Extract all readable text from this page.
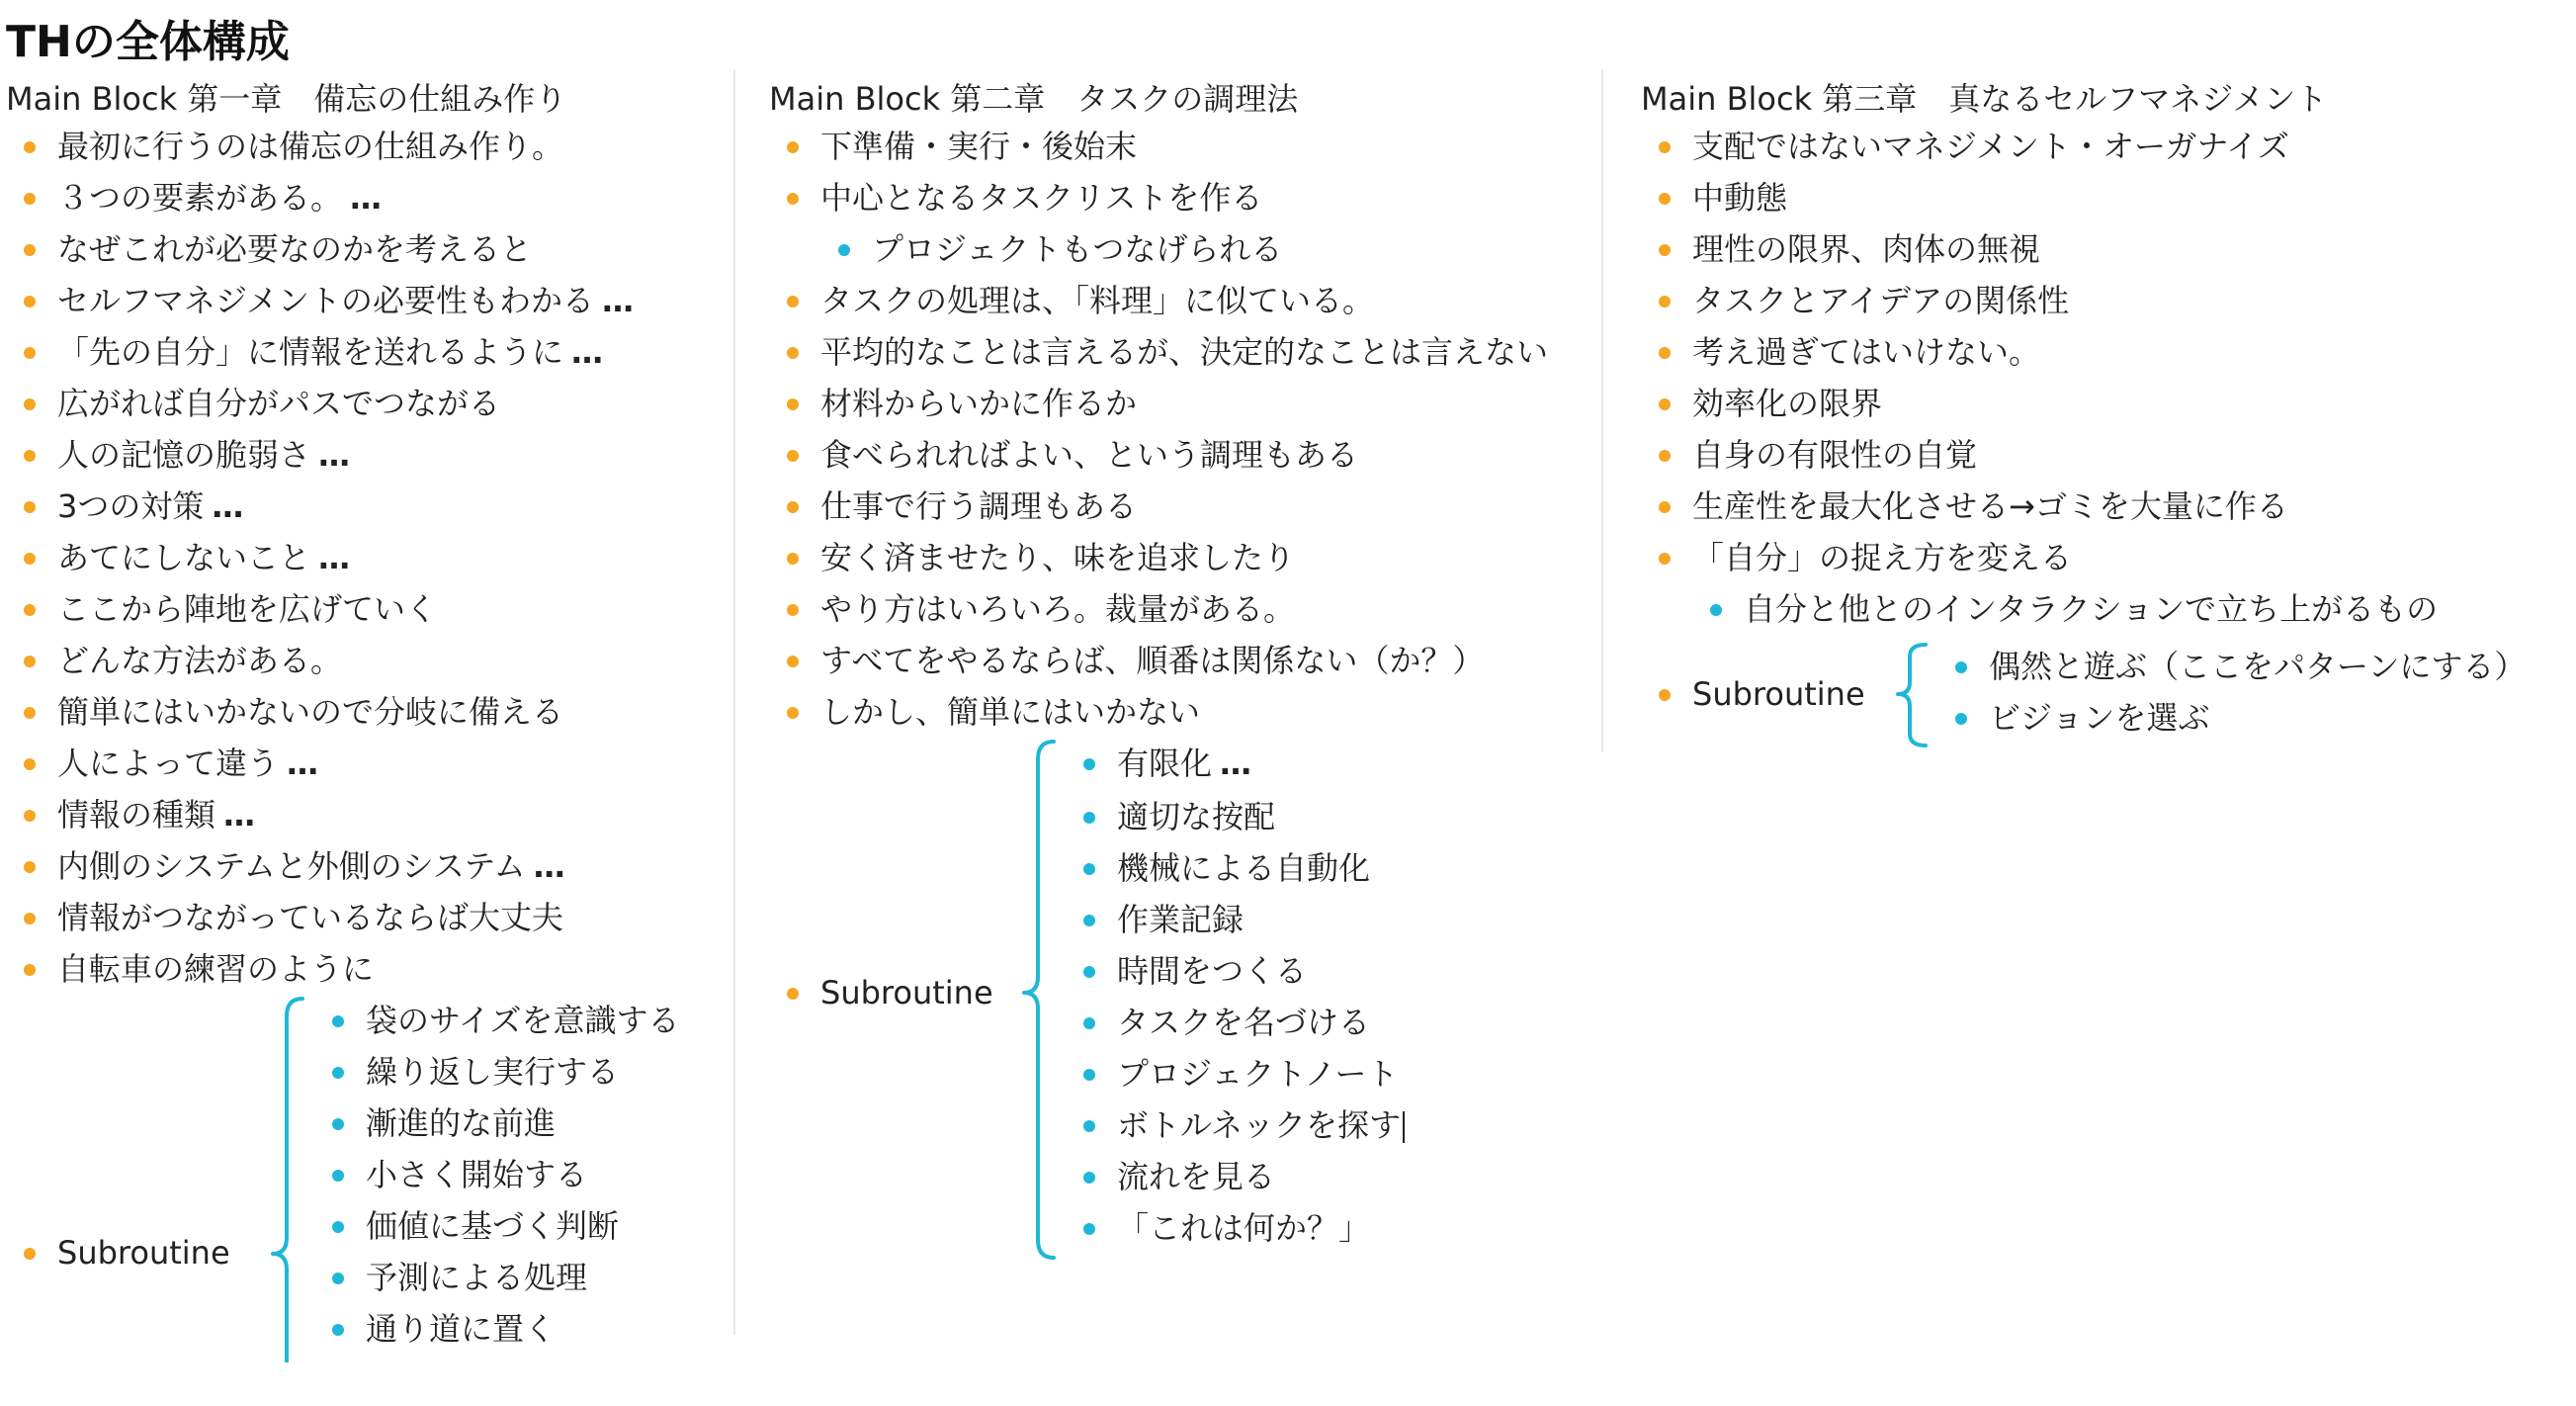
THの全体構成
Main Block 第一章　備忘の仕組み作り
最初に行うのは備忘の仕組み作り。
３つの要素がある。 …
なぜこれが必要なのかを考えると
セルフマネジメントの必要性もわかる …
「先の自分」に情報を送れるように …
広がれば自分がパスでつながる
人の記憶の脆弱さ …
3つの対策 …
あてにしないこと …
ここから陣地を広げていく
どんな方法がある。
簡単にはいかないので分岐に備える
人によって違う …
情報の種類 …
内側のシステムと外側のシステム …
情報がつながっているならば大丈夫
自転車の練習のように
Subroutine
袋のサイズを意識する
繰り返し実行する
漸進的な前進
小さく開始する
価値に基づく判断
予測による処理
通り道に置く
Main Block 第二章　タスクの調理法
下準備・実行・後始末
中心となるタスクリストを作る
プロジェクトもつなげられる
タスクの処理は、「料理」に似ている。
平均的なことは言えるが、決定的なことは言えない
材料からいかに作るか
食べられればよい、という調理もある
仕事で行う調理もある
安く済ませたり、味を追求したり
やり方はいろいろ。裁量がある。
すべてをやるならば、順番は関係ない（か？）
しかし、簡単にはいかない
Subroutine
有限化 …
適切な按配
機械による自動化
作業記録
時間をつくる
タスクを名づける
プロジェクトノート
ボトルネックを探す
流れを見る
「これは何か？」
Main Block 第三章　真なるセルフマネジメント
支配ではないマネジメント・オーガナイズ
中動態
理性の限界、肉体の無視
タスクとアイデアの関係性
考え過ぎてはいけない。
効率化の限界
自身の有限性の自覚
生産性を最大化させる→ゴミを大量に作る
「自分」の捉え方を変える
自分と他とのインタラクションで立ち上がるもの
Subroutine
偶然と遊ぶ（ここをパターンにする）
ビジョンを選ぶ
